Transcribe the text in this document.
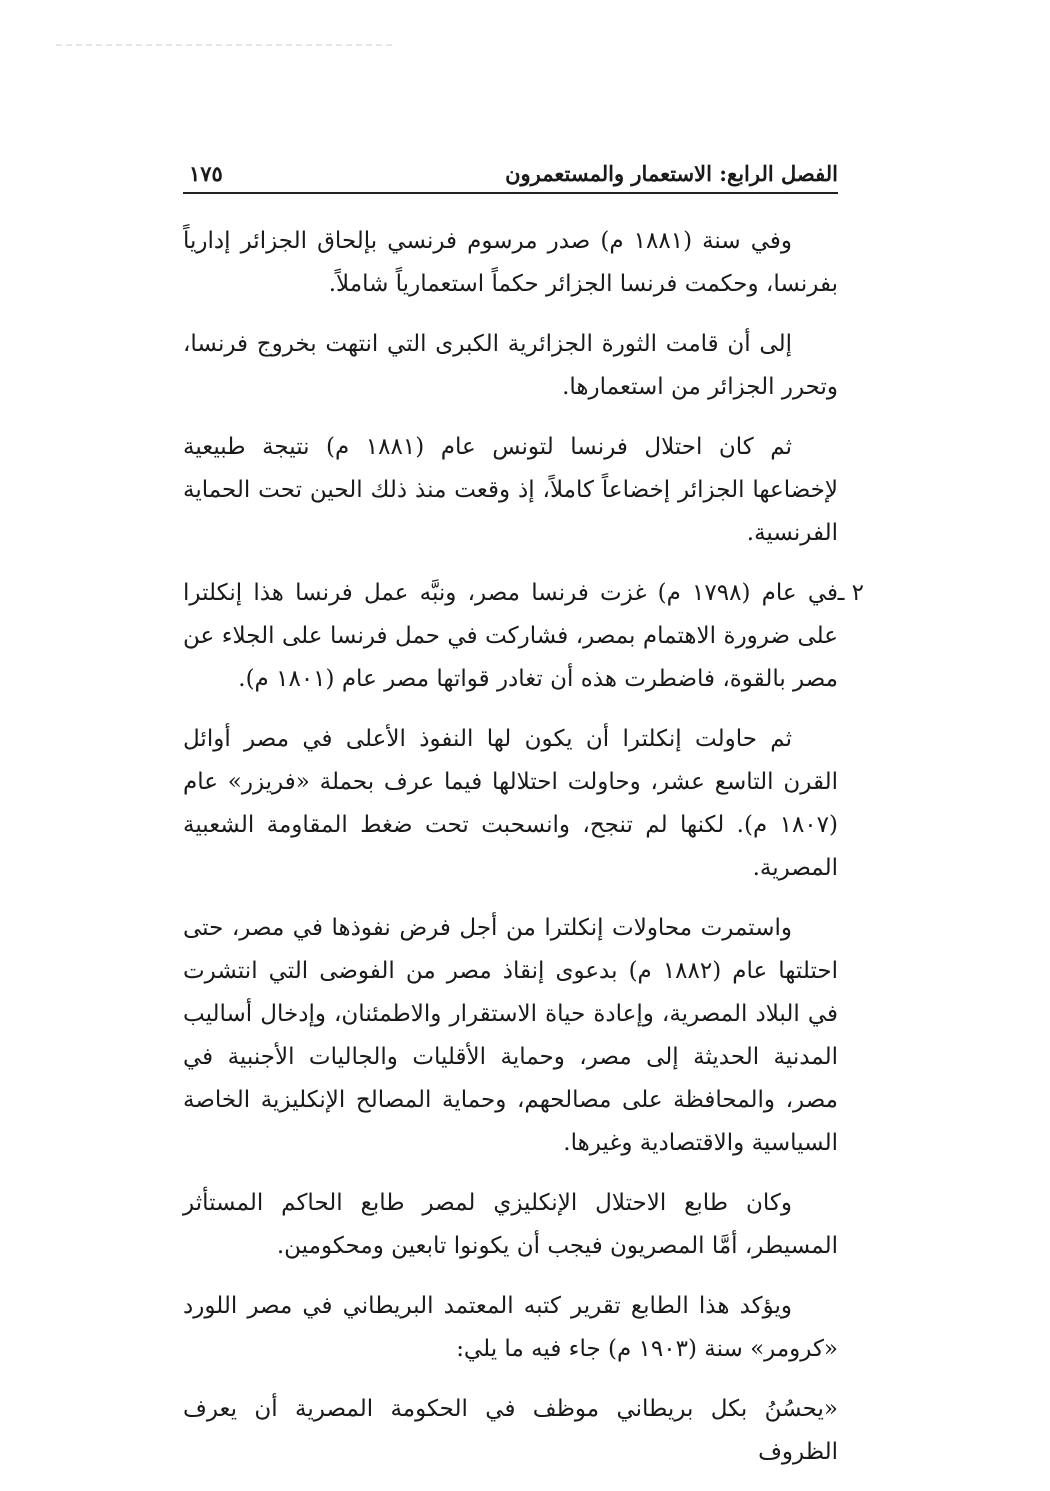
الفصل الرابع: الاستعمار والمستعمرون
١٧٥

وفي سنة (١٨٨١ م) صدر مرسوم فرنسي بإلحاق الجزائر إدارياً بفرنسا، وحكمت فرنسا الجزائر حكماً استعمارياً شاملاً.

إلى أن قامت الثورة الجزائرية الكبرى التي انتهت بخروج فرنسا، وتحرر الجزائر من استعمارها.

ثم كان احتلال فرنسا لتونس عام (١٨٨١ م) نتيجة طبيعية لإخضاعها الجزائر إخضاعاً كاملاً، إذ وقعت منذ ذلك الحين تحت الحماية الفرنسية.

٢ ـ
في عام (١٧٩٨ م) غزت فرنسا مصر، ونبَّه عمل فرنسا هذا إنكلترا على ضرورة الاهتمام بمصر، فشاركت في حمل فرنسا على الجلاء عن مصر بالقوة، فاضطرت هذه أن تغادر قواتها مصر عام (١٨٠١ م).

ثم حاولت إنكلترا أن يكون لها النفوذ الأعلى في مصر أوائل القرن التاسع عشر، وحاولت احتلالها فيما عرف بحملة «فريزر» عام (١٨٠٧ م). لكنها لم تنجح، وانسحبت تحت ضغط المقاومة الشعبية المصرية.

واستمرت محاولات إنكلترا من أجل فرض نفوذها في مصر، حتى احتلتها عام (١٨٨٢ م) بدعوى إنقاذ مصر من الفوضى التي انتشرت في البلاد المصرية، وإعادة حياة الاستقرار والاطمئنان، وإدخال أساليب المدنية الحديثة إلى مصر، وحماية الأقليات والجاليات الأجنبية في مصر، والمحافظة على مصالحهم، وحماية المصالح الإنكليزية الخاصة السياسية والاقتصادية وغيرها.

وكان طابع الاحتلال الإنكليزي لمصر طابع الحاكم المستأثر المسيطر، أمَّا المصريون فيجب أن يكونوا تابعين ومحكومين.

ويؤكد هذا الطابع تقرير كتبه المعتمد البريطاني في مصر اللورد «كرومر» سنة (١٩٠٣ م) جاء فيه ما يلي:

«يحسُنُ بكل بريطاني موظف في الحكومة المصرية أن يعرف الظروف
